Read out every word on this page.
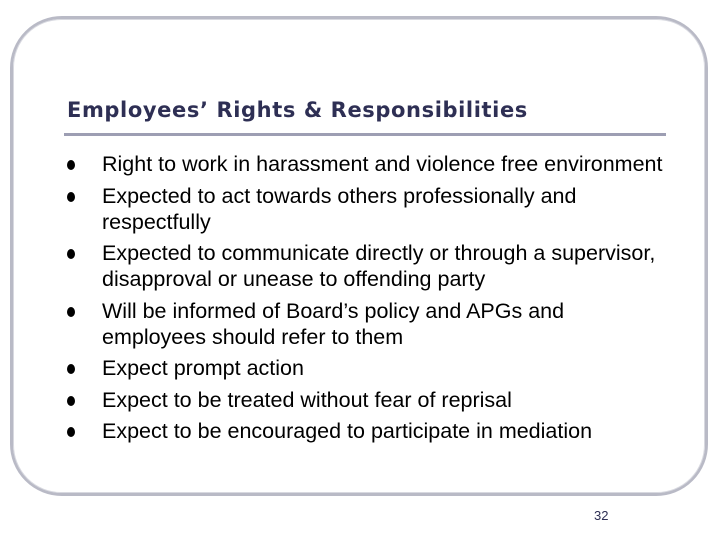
Employees’ Rights & Responsibilities
Right to work in harassment and violence free environment
Expected to act towards others professionally and respectfully
Expected to communicate directly or through a supervisor, disapproval or unease to offending party
Will be informed of Board’s policy and APGs and employees should refer to them
Expect prompt action
Expect to be treated without fear of reprisal
Expect to be encouraged to participate in mediation
32
